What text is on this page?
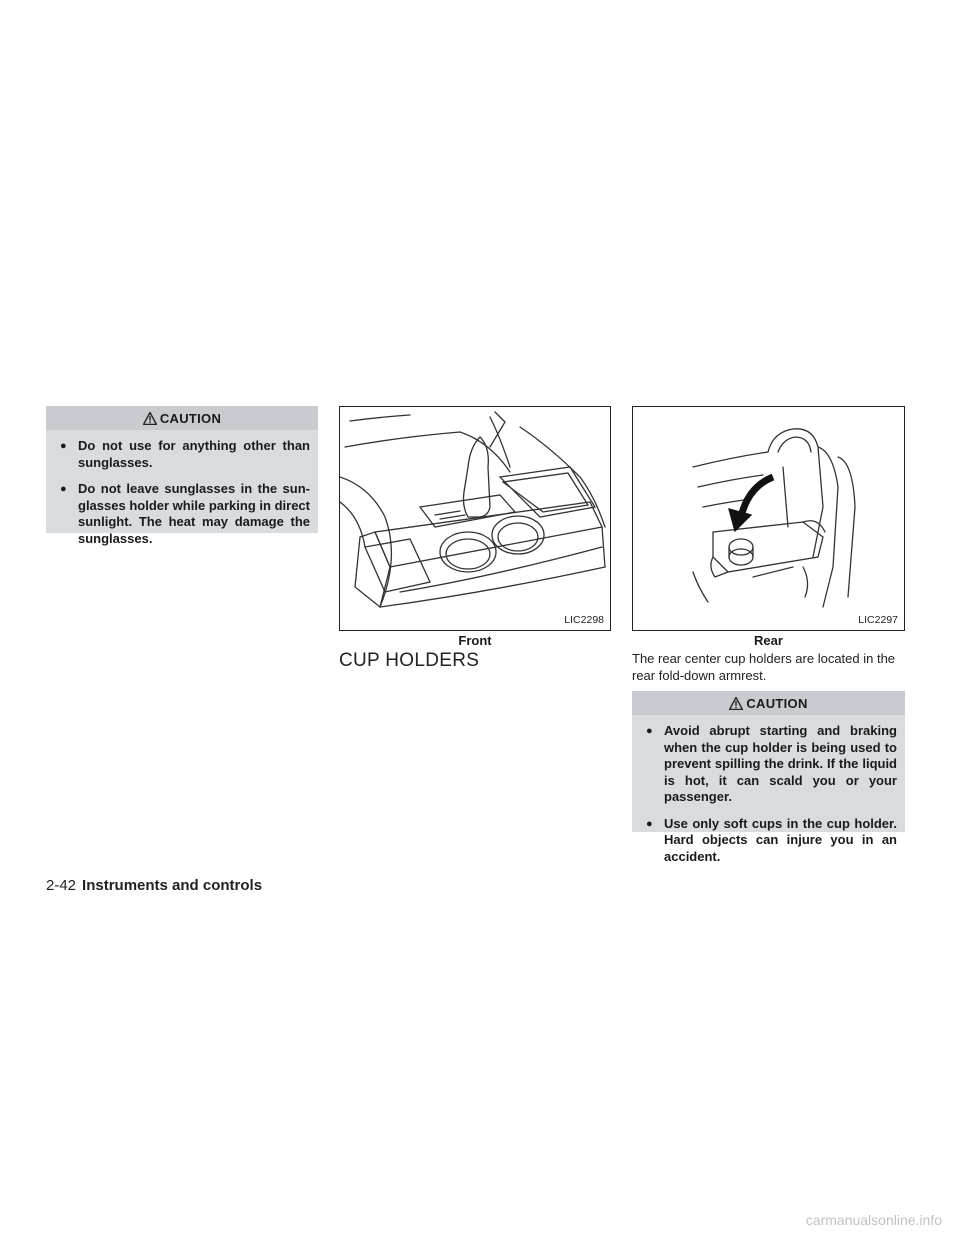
CAUTION
● Do not use for anything other than sunglasses.
● Do not leave sunglasses in the sun-glasses holder while parking in direct sunlight. The heat may damage the sunglasses.
LIC2298
Front
LIC2297
Rear
CUP HOLDERS	The rear center cup holders are located in the rear fold-down armrest.
CAUTION
● Avoid abrupt starting and braking when the cup holder is being used to prevent spilling the drink. If the liquid is hot, it can scald you or your passenger.
● Use only soft cups in the cup holder. Hard objects can injure you in an accident.
2-42 Instruments and controls
carmanualsonline.info
